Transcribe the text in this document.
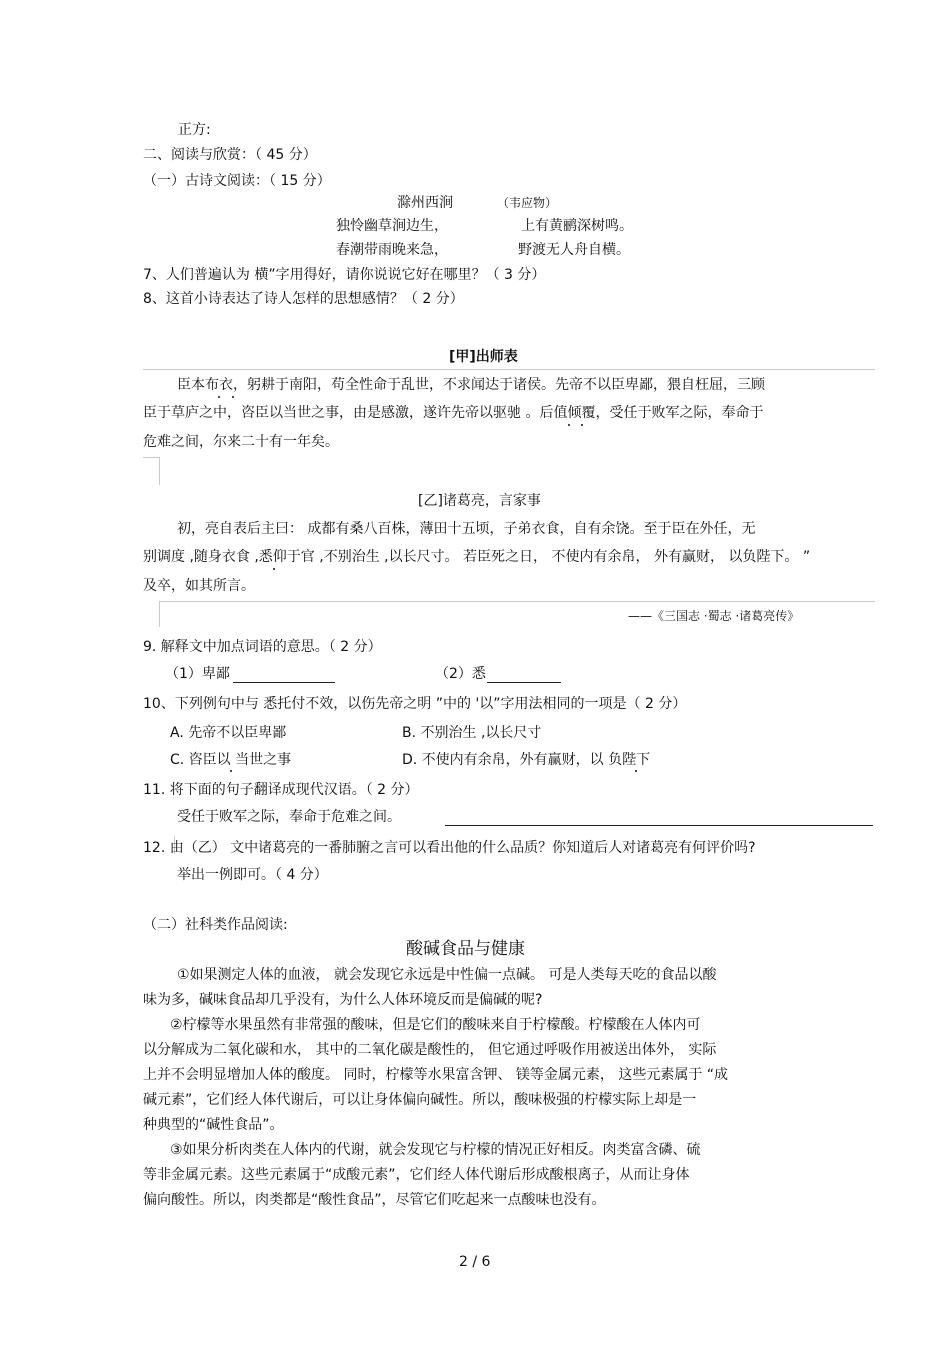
正方:
二、阅读与欣赏：（ 45 分）
（一）古诗文阅读：（ 15 分）
滁州西涧	（韦应物）
独怜幽草涧边生，	上有黄鹂深树鸣。
春潮带雨晚来急，	野渡无人舟自横。
7、人们普遍认为 横”字用得好，请你说说它好在哪里？（ 3 分）
8、这首小诗表达了诗人怎样的思想感情？（ 2 分）
[甲]出师表
臣本布衣，躬耕于南阳，苟全性命于乱世，不求闻达于诸侯。先帝不以臣卑鄙，猥自枉屈，三顾
臣于草庐之中，咨臣以当世之事，由是感激，遂许先帝以驱驰 。后值倾覆，受任于败军之际，奉命于
危难之间，尔来二十有一年矣。
[乙]诸葛亮，言家事
初，亮自表后主曰： 成都有桑八百株，薄田十五顷，子弟衣食，自有余饶。至于臣在外任，无
别调度 ,随身衣食 ,悉仰于官 ,不别治生 ,以长尺寸。 若臣死之日， 不使内有余帛， 外有赢财， 以负陛下。 ”
及卒，如其所言。
——《三国志 ·蜀志 ·诸葛亮传》
9. 解释文中加点词语的意思。（ 2 分）
（1）卑鄙	（2）悉
10、下列例句中与 悉托付不效，以伤先帝之明 ”中的 '以”字用法相同的一项是（ 2 分）
A. 先帝不以臣卑鄙	B. 不别治生 ,以长尺寸
C. 咨臣以 当世之事	D. 不使内有余帛，外有赢财，以 负陛下
11. 将下面的句子翻译成现代汉语。（ 2 分）
受任于败军之际，奉命于危难之间。
12. 由（乙） 文中诸葛亮的一番肺腑之言可以看出他的什么品质？你知道后人对诸葛亮有何评价吗?
举出一例即可。（ 4 分）
（二）社科类作品阅读:
酸碱食品与健康
①如果测定人体的血液， 就会发现它永远是中性偏一点碱。 可是人类每天吃的食品以酸
味为多，碱味食品却几乎没有，为什么人体环境反而是偏碱的呢?
②柠檬等水果虽然有非常强的酸味，但是它们的酸味来自于柠檬酸。柠檬酸在人体内可
以分解成为二氧化碳和水， 其中的二氧化碳是酸性的， 但它通过呼吸作用被送出体外， 实际
上并不会明显增加人体的酸度。 同时，柠檬等水果富含钾、 镁等金属元素， 这些元素属于 “成
碱元素”，它们经人体代谢后，可以让身体偏向碱性。所以，酸味极强的柠檬实际上却是一
种典型的“碱性食品”。
③如果分析肉类在人体内的代谢，就会发现它与柠檬的情况正好相反。肉类富含磷、硫
等非金属元素。这些元素属于“成酸元素”，它们经人体代谢后形成酸根离子，从而让身体
偏向酸性。所以，肉类都是“酸性食品”，尽管它们吃起来一点酸味也没有。
2 / 6
